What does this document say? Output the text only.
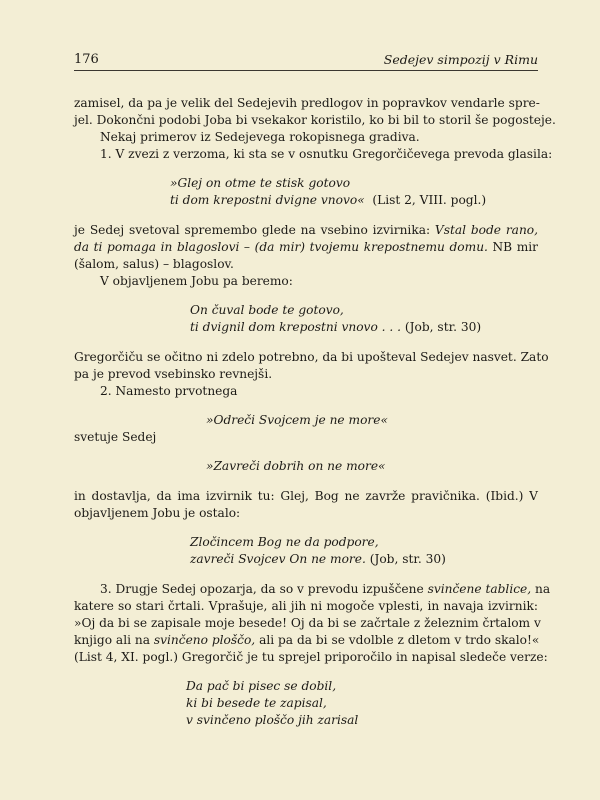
176	Sedejev simpozij v Rimu

zamisel, da pa je velik del Sedejevih predlogov in popravkov vendarle spre-

jel. Dokončni podobi Joba bi vsekakor koristilo, ko bi bil to storil še pogosteje.

Nekaj primerov iz Sedejevega rokopisnega gradiva.

1. V zvezi z verzoma, ki sta se v osnutku Gregorčičevega prevoda glasila:

»Glej on otme te stisk gotovo

ti dom krepostni dvigne vnovo« (List 2, VIII. pogl.)

je Sedej svetoval spremembo glede na vsebino izvirnika: Vstal bode rano,

da ti pomaga in blagoslovi – (da mir) tvojemu krepostnemu domu. NB mir

(šalom, salus) – blagoslov.

V objavljenem Jobu pa beremo:

On čuval bode te gotovo,

ti dvignil dom krepostni vnovo . . . (Job, str. 30)

Gregorčiču se očitno ni zdelo potrebno, da bi upošteval Sedejev nasvet. Zato

pa je prevod vsebinsko revnejši.

2. Namesto prvotnega

»Odreči Svojcem je ne more«

svetuje Sedej

»Zavreči dobrih on ne more«

in dostavlja, da ima izvirnik tu: Glej, Bog ne zavrže pravičnika. (Ibid.) V

objavljenem Jobu je ostalo:

Zločincem Bog ne da podpore,

zavreči Svojcev On ne more. (Job, str. 30)

3. Drugje Sedej opozarja, da so v prevodu izpuščene svinčene tablice, na

katere so stari črtali. Vprašuje, ali jih ni mogoče vplesti, in navaja izvirnik:

»Oj da bi se zapisale moje besede! Oj da bi se začrtale z železnim črtalom v

knjigo ali na svinčeno ploščo, ali pa da bi se vdolble z dletom v trdo skalo!«

(List 4, XI. pogl.) Gregorčič je tu sprejel priporočilo in napisal sledeče verze:

Da pač bi pisec se dobil,

ki bi besede te zapisal,

v svinčeno ploščo jih zarisal
